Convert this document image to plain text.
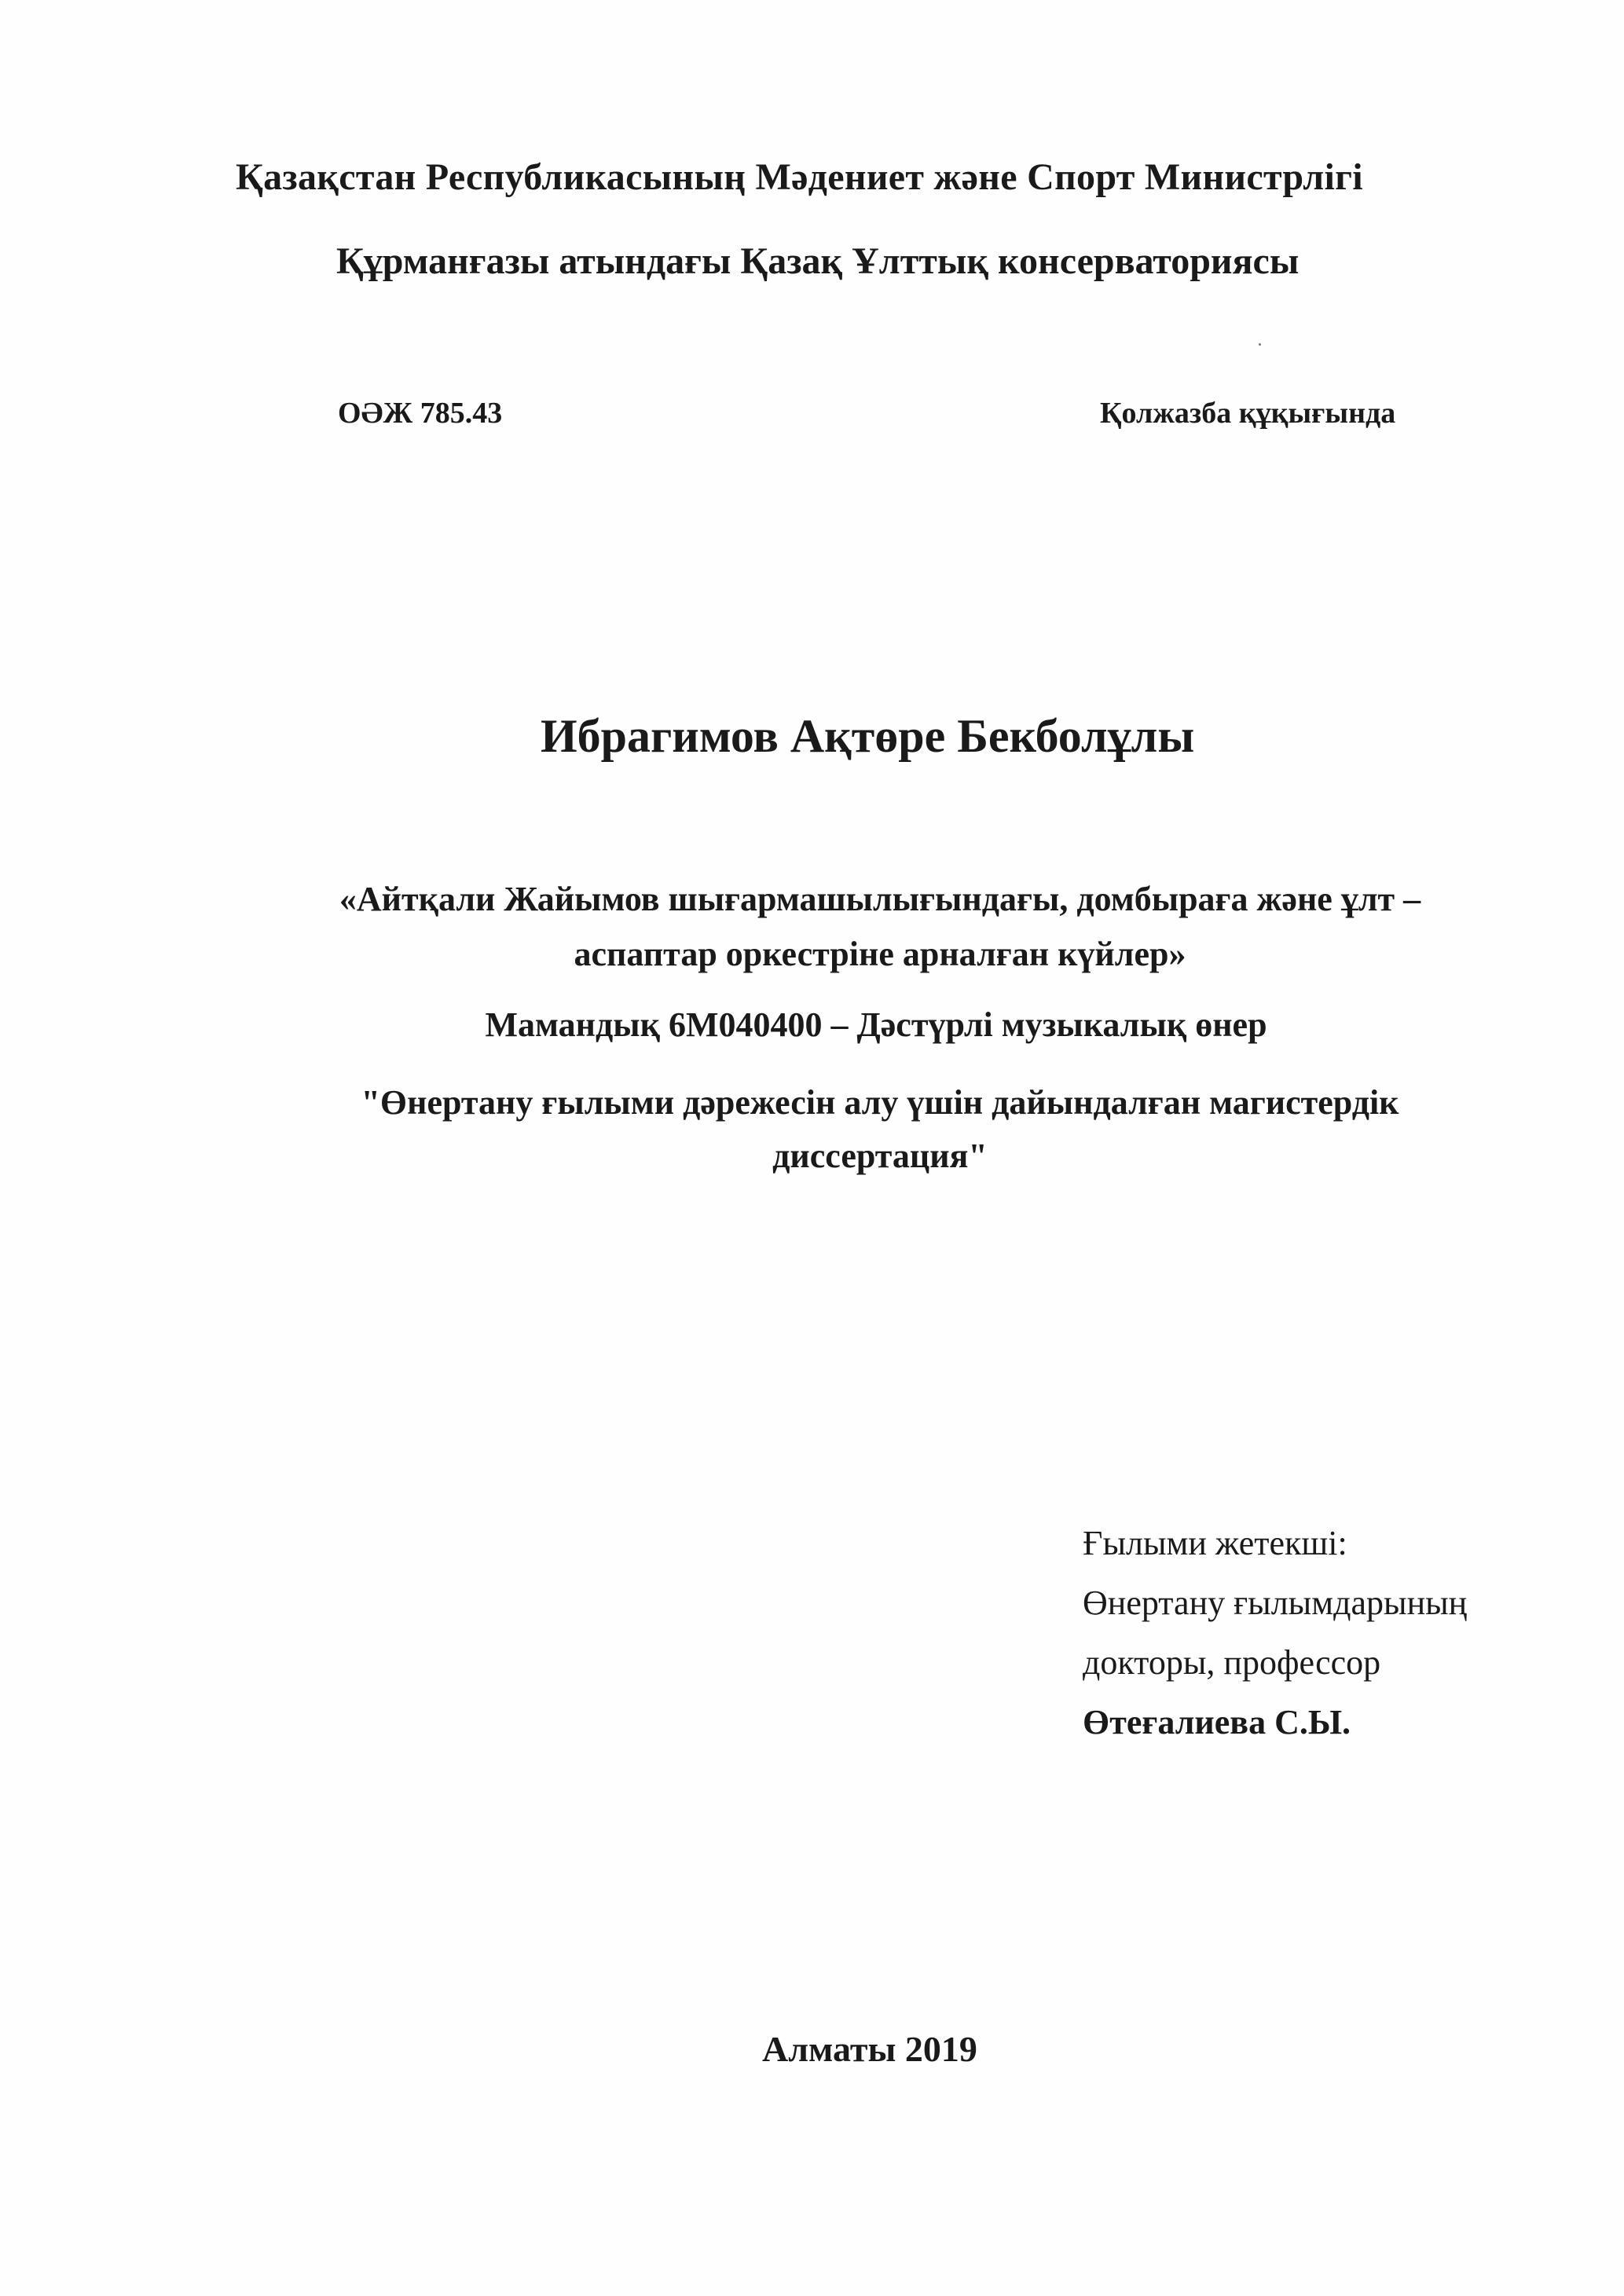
Қазақстан Республикасының Мәдениет және Спорт Министрлігі
Құрманғазы атындағы Қазақ Ұлттық консерваториясы
ОӘЖ 785.43	Қолжазба құқығында
Ибрагимов Ақтөре Бекболұлы
«Айтқали Жайымов шығармашылығындағы, домбыраға және ұлт –
аспаптар оркестріне арналған күйлер»
Мамандық 6М040400 – Дәстүрлі музыкалық өнер
"Өнертану ғылыми дәрежесін алу үшін дайындалған магистердік
диссертация"
Ғылыми жетекші:
Өнертану ғылымдарының
докторы, профессор
Өтеғалиева С.Ы.
Алматы 2019
